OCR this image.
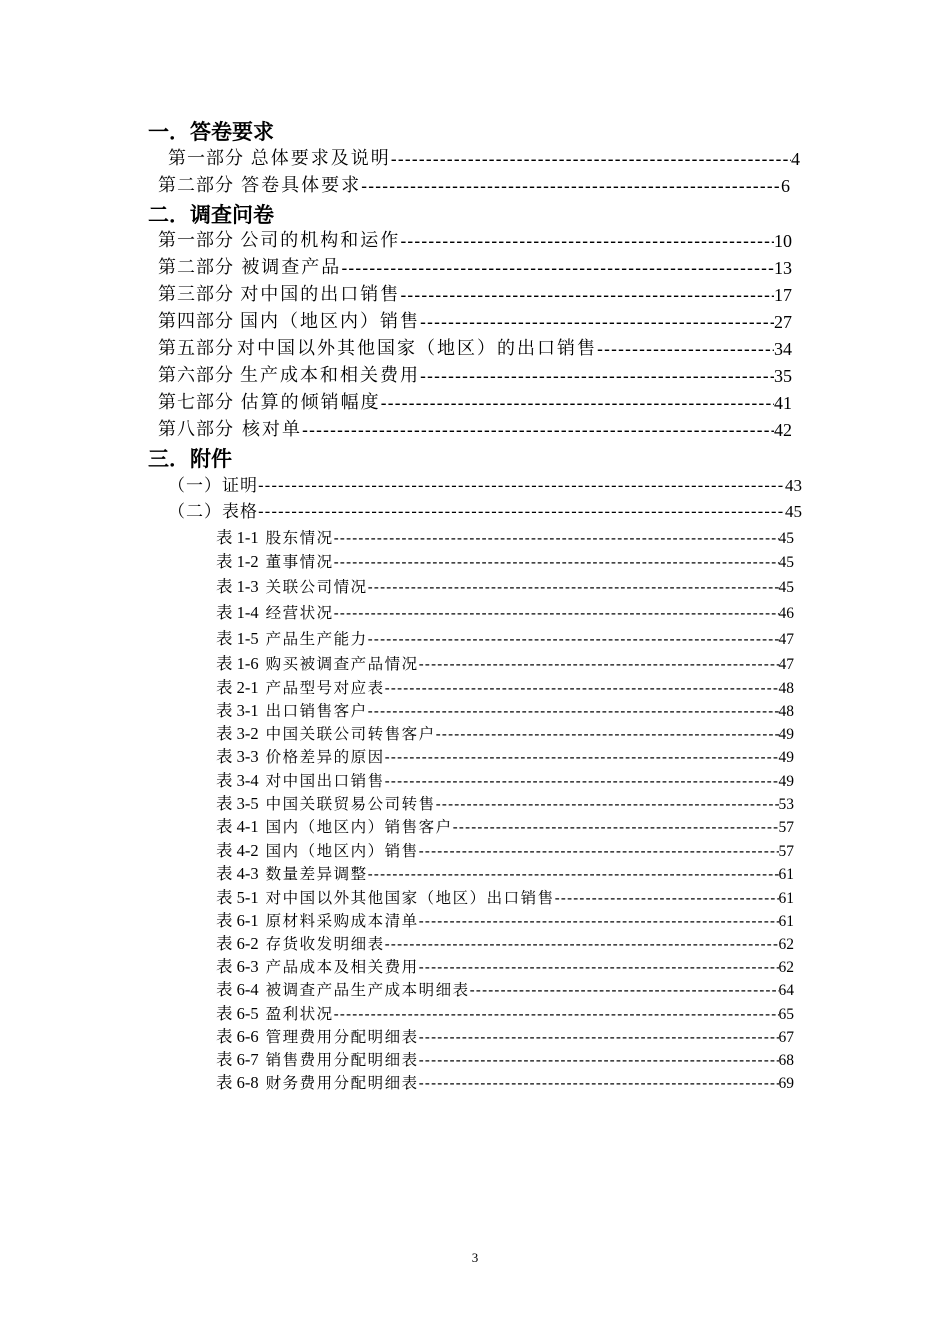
一．答卷要求
第一部分 总体要求及说明 -----	4
第二部分 答卷具体要求 -----	6
二．调查问卷
第一部分 公司的机构和运作 -----	10
第二部分 被调查产品 -----	13
第三部分 对中国的出口销售 -----	17
第四部分 国内（地区内）销售 -----	27
第五部分 对中国以外其他国家（地区）的出口销售 -----	34
第六部分 生产成本和相关费用 -----	35
第七部分 估算的倾销幅度 -----	41
第八部分 核对单 -----	42
三．附件
（一）证明 -----	43
（二）表格 -----	45
表 1-1 股东情况 -----	45
表 1-2 董事情况 -----	45
表 1-3 关联公司情况 -----	45
表 1-4 经营状况 -----	46
表 1-5 产品生产能力 -----	47
表 1-6 购买被调查产品情况 -----	47
表 2-1 产品型号对应表 -----	48
表 3-1 出口销售客户 -----	48
表 3-2 中国关联公司转售客户 -----	49
表 3-3 价格差异的原因 -----	49
表 3-4 对中国出口销售 -----	49
表 3-5 中国关联贸易公司转售 -----	53
表 4-1 国内（地区内）销售客户 -----	57
表 4-2 国内（地区内）销售 -----	57
表 4-3 数量差异调整 -----	61
表 5-1 对中国以外其他国家（地区）出口销售 -----	61
表 6-1 原材料采购成本清单 -----	61
表 6-2 存货收发明细表 -----	62
表 6-3 产品成本及相关费用 -----	62
表 6-4 被调查产品生产成本明细表 -----	64
表 6-5 盈利状况 -----	65
表 6-6 管理费用分配明细表 -----	67
表 6-7 销售费用分配明细表 -----	68
表 6-8 财务费用分配明细表 -----	69
3
